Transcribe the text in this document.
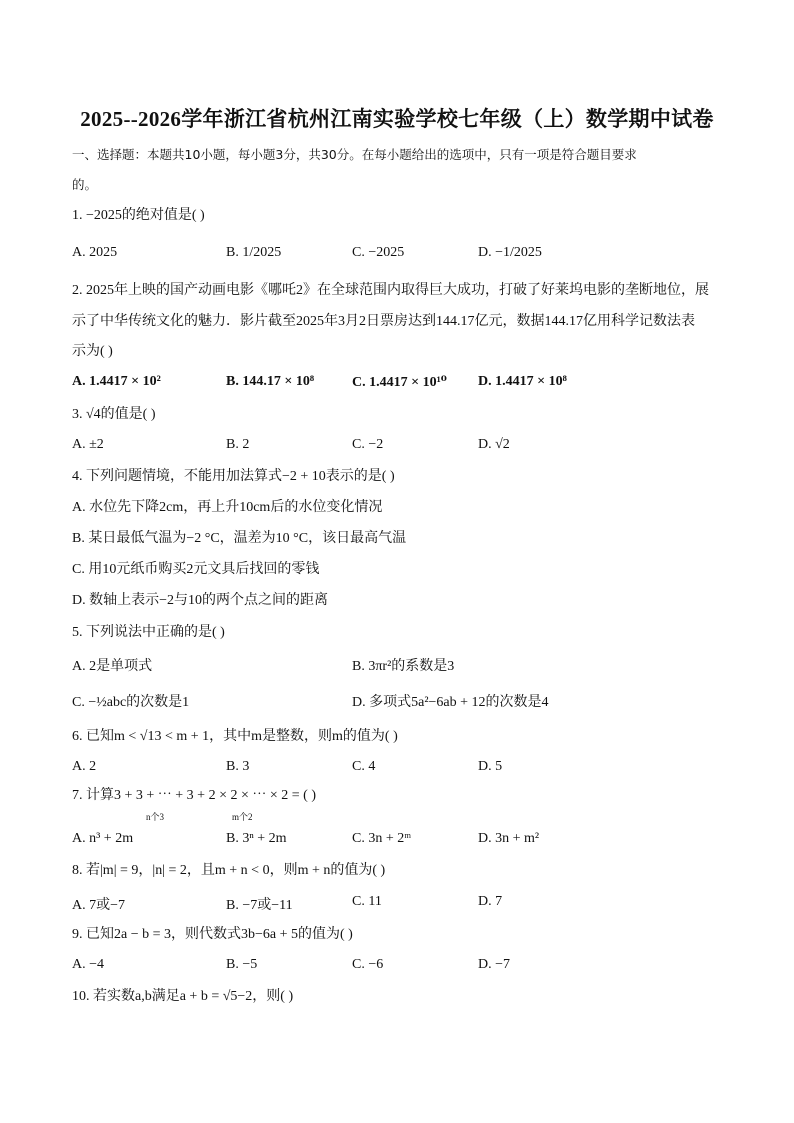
2025--2026学年浙江省杭州江南实验学校七年级（上）数学期中试卷
一、选择题：本题共10小题，每小题3分，共30分。在每小题给出的选项中，只有一项是符合题目要求
的。
1. −2025的绝对值是( )
A. 2025	B. 1/2025	C. −2025	D. −1/2025
2. 2025年上映的国产动画电影《哪吒2》在全球范围内取得巨大成功，打破了好莱坞电影的垄断地位，展
示了中华传统文化的魅力．影片截至2025年3月2日票房达到144.17亿元，数据144.17亿用科学记数法表
示为( )
A. 1.4417 × 10²	B. 144.17 × 10⁸	C. 1.4417 × 10¹⁰ D. 1.4417 × 10⁸
3. √4的值是( )
A. ±2	B. 2	C. −2	D. √2
4. 下列问题情境，不能用加法算式−2 + 10表示的是( )
A. 水位先下降2cm，再上升10cm后的水位变化情况
B. 某日最低气温为−2 °C，温差为10 °C，该日最高气温
C. 用10元纸币购买2元文具后找回的零钱
D. 数轴上表示−2与10的两个点之间的距离
5. 下列说法中正确的是( )
A. 2是单项式	B. 3πr²的系数是3
C. −½abc的次数是1	D. 多项式5a²−6ab + 12的次数是4
6. 已知m < √13 < m + 1，其中m是整数，则m的值为( )
A. 2	B. 3	C. 4	D. 5
7. 计算3 + 3 + ⋯ + 3 + 2 × 2 × ⋯ × 2 = ( )
n个3	m个2
A. n³ + 2m	B. 3ⁿ + 2m	C. 3n + 2ᵐ	D. 3n + m²
8. 若|m| = 9，|n| = 2，且m + n < 0，则m + n的值为( )
A. 7或−7	B. −7或−11	C. 11	D. 7
9. 已知2a − b = 3，则代数式3b−6a + 5的值为( )
A. −4	B. −5	C. −6	D. −7
10. 若实数a,b满足a + b = √5−2，则( )
